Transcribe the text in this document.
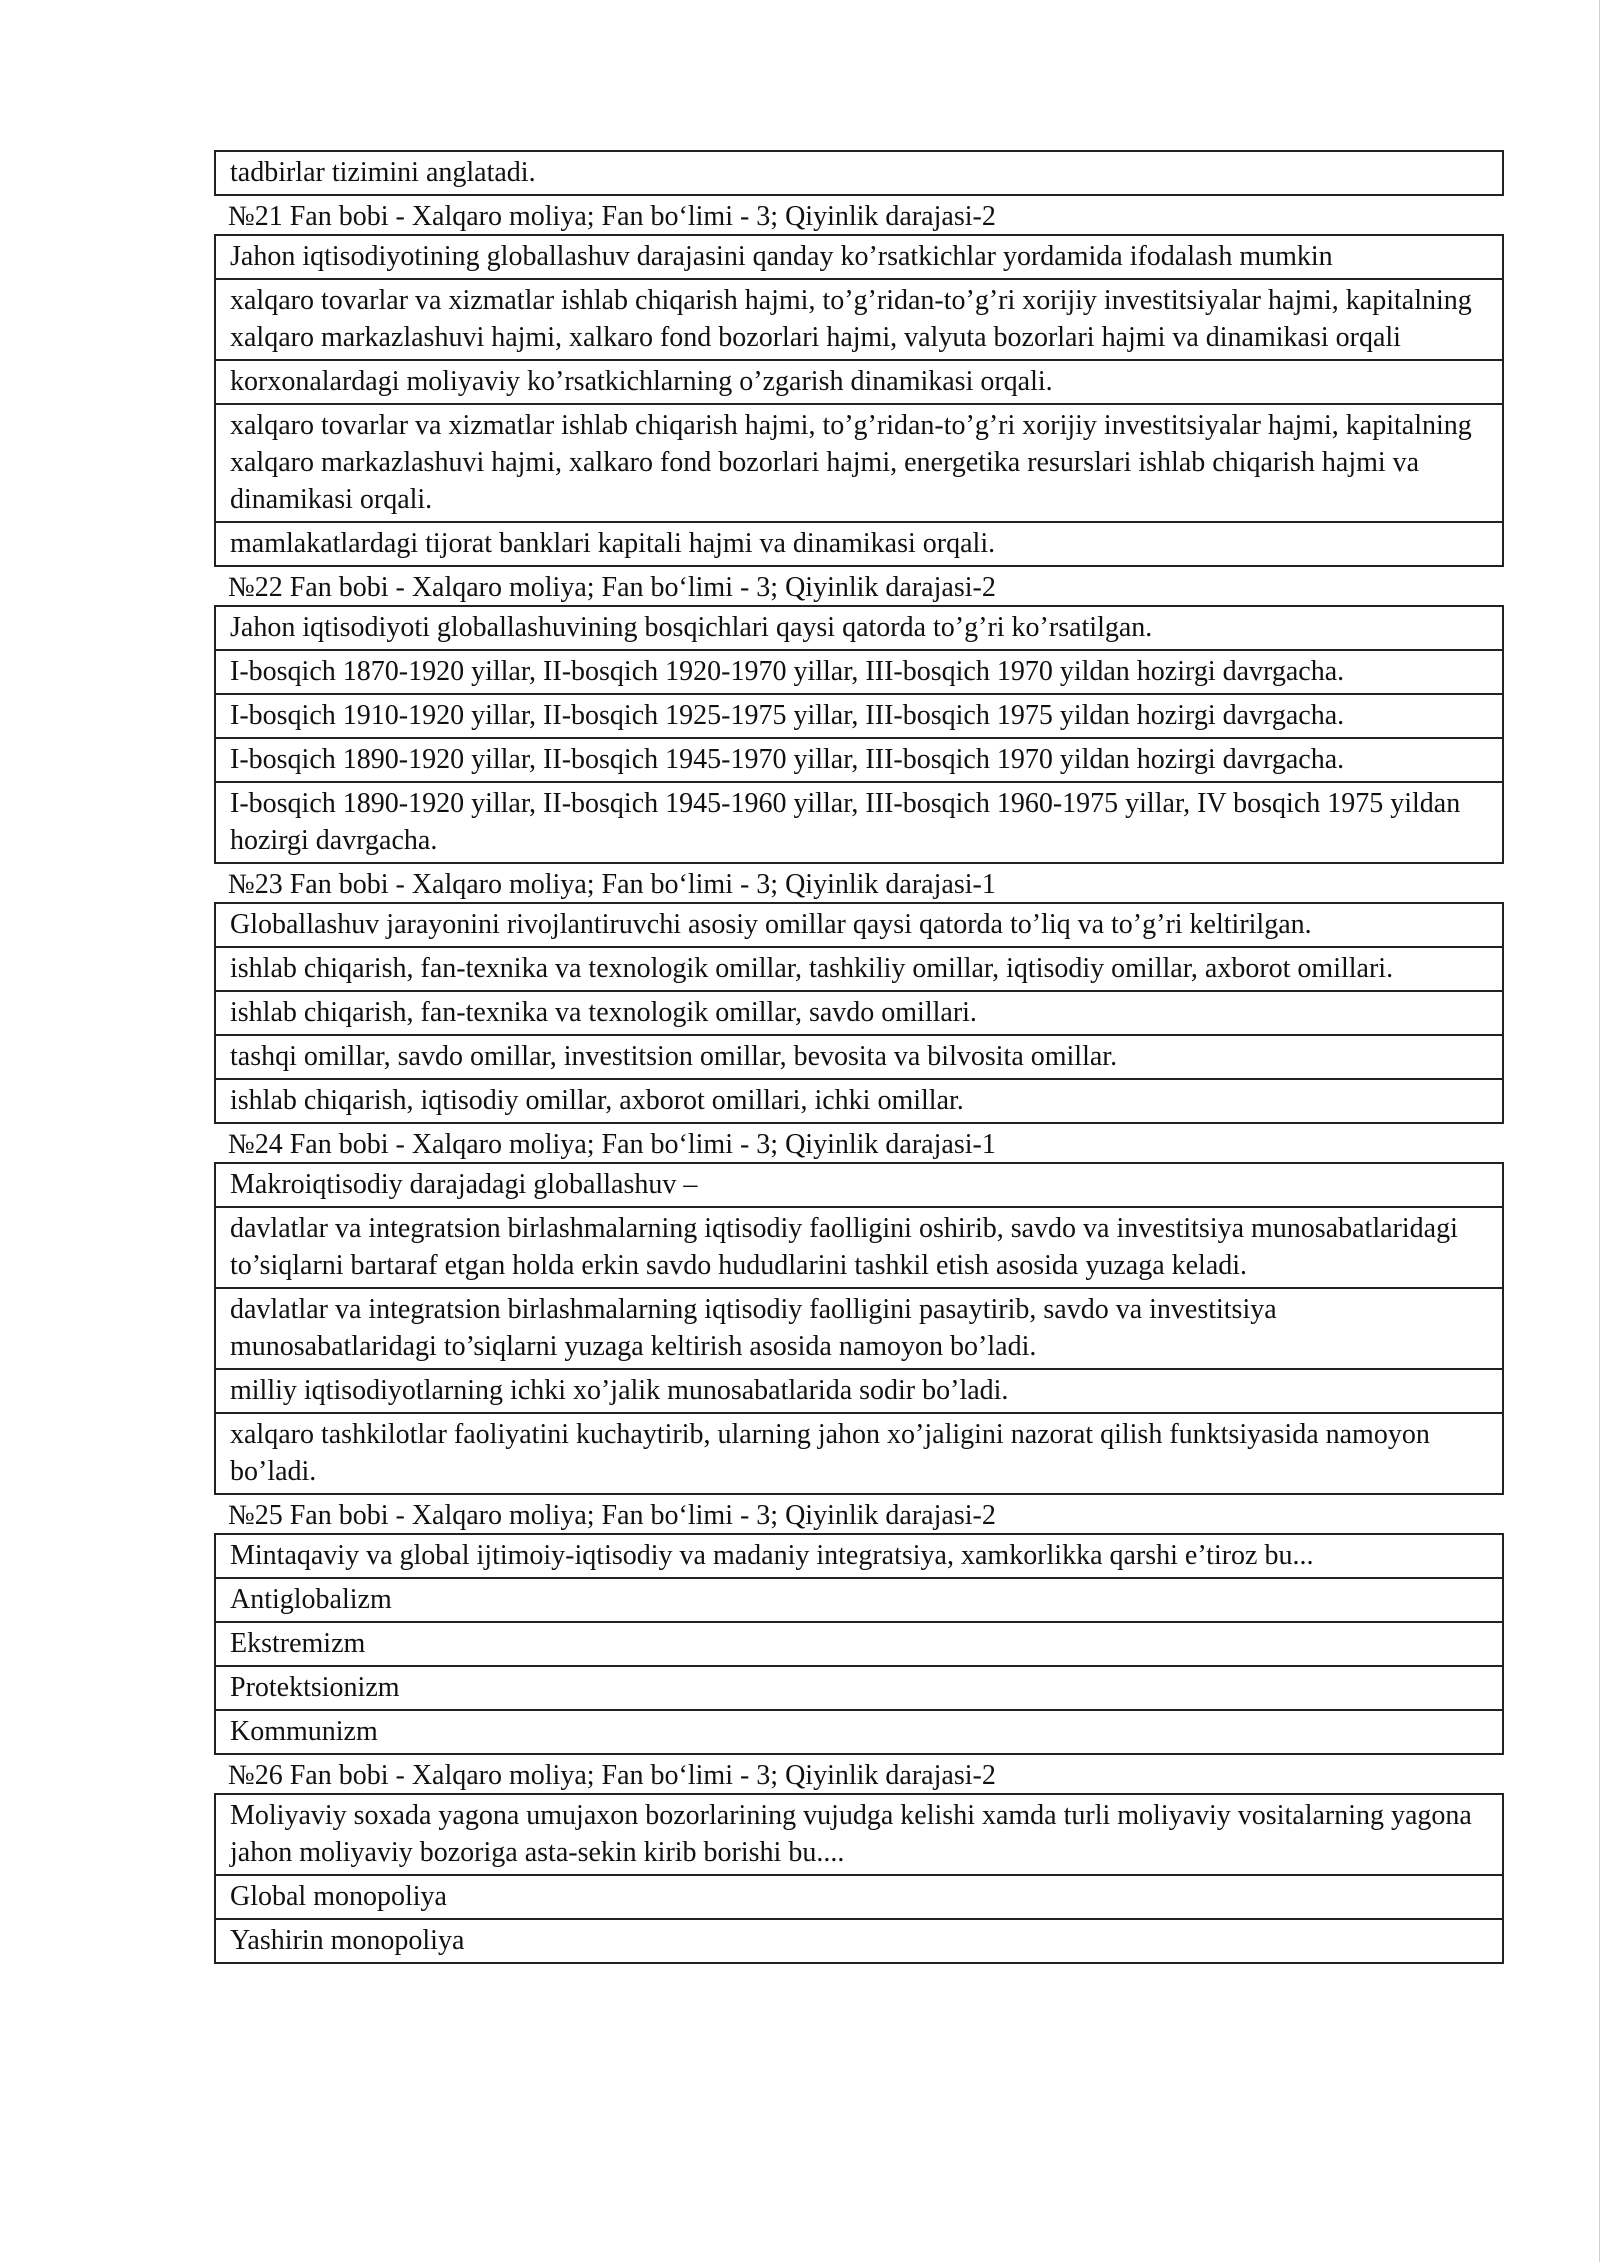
tadbirlar tizimini anglatadi.
№21 Fan bobi - Xalqaro moliya; Fan bo‘limi - 3; Qiyinlik darajasi-2
Jahon iqtisodiyotining globallashuv darajasini qanday ko’rsatkichlar yordamida ifodalash mumkin
xalqaro tovarlar va xizmatlar ishlab chiqarish hajmi, to’g’ridan-to’g’ri xorijiy investitsiyalar hajmi, kapitalning xalqaro markazlashuvi hajmi, xalkaro fond bozorlari hajmi, valyuta bozorlari hajmi va dinamikasi orqali
korxonalardagi moliyaviy ko’rsatkichlarning o’zgarish dinamikasi orqali.
xalqaro tovarlar va xizmatlar ishlab chiqarish hajmi, to’g’ridan-to’g’ri xorijiy investitsiyalar hajmi, kapitalning xalqaro markazlashuvi hajmi, xalkaro fond bozorlari hajmi, energetika resurslari ishlab chiqarish hajmi va dinamikasi orqali.
mamlakatlardagi tijorat banklari kapitali hajmi va dinamikasi orqali.
№22 Fan bobi - Xalqaro moliya; Fan bo‘limi - 3; Qiyinlik darajasi-2
Jahon iqtisodiyoti globallashuvining bosqichlari qaysi qatorda to’g’ri ko’rsatilgan.
I-bosqich 1870-1920 yillar, II-bosqich 1920-1970 yillar, III-bosqich 1970 yildan hozirgi davrgacha.
I-bosqich 1910-1920 yillar, II-bosqich 1925-1975 yillar, III-bosqich 1975 yildan hozirgi davrgacha.
I-bosqich 1890-1920 yillar, II-bosqich 1945-1970 yillar, III-bosqich 1970 yildan hozirgi davrgacha.
I-bosqich 1890-1920 yillar, II-bosqich 1945-1960 yillar, III-bosqich 1960-1975 yillar, IV bosqich 1975 yildan hozirgi davrgacha.
№23 Fan bobi - Xalqaro moliya; Fan bo‘limi - 3; Qiyinlik darajasi-1
Globallashuv jarayonini rivojlantiruvchi asosiy omillar qaysi qatorda to’liq va to’g’ri keltirilgan.
ishlab chiqarish, fan-texnika va texnologik omillar, tashkiliy omillar, iqtisodiy omillar, axborot omillari.
ishlab chiqarish, fan-texnika va texnologik omillar, savdo omillari.
tashqi omillar, savdo omillar, investitsion omillar, bevosita va bilvosita omillar.
ishlab chiqarish, iqtisodiy omillar, axborot omillari, ichki omillar.
№24 Fan bobi - Xalqaro moliya; Fan bo‘limi - 3; Qiyinlik darajasi-1
Makroiqtisodiy darajadagi globallashuv –
davlatlar va integratsion birlashmalarning iqtisodiy faolligini oshirib, savdo va investitsiya munosabatlaridagi to’siqlarni bartaraf etgan holda erkin savdo hududlarini tashkil etish asosida yuzaga keladi.
davlatlar va integratsion birlashmalarning iqtisodiy faolligini pasaytirib, savdo va investitsiya munosabatlaridagi to’siqlarni yuzaga keltirish asosida namoyon bo’ladi.
milliy iqtisodiyotlarning ichki xo’jalik munosabatlarida sodir bo’ladi.
xalqaro tashkilotlar faoliyatini kuchaytirib, ularning jahon xo’jaligini nazorat qilish funktsiyasida namoyon bo’ladi.
№25 Fan bobi - Xalqaro moliya; Fan bo‘limi - 3; Qiyinlik darajasi-2
Mintaqaviy va global ijtimoiy-iqtisodiy va madaniy integratsiya, xamkorlikka qarshi e’tiroz bu...
Antiglobalizm
Ekstremizm
Protektsionizm
Kommunizm
№26 Fan bobi - Xalqaro moliya; Fan bo‘limi - 3; Qiyinlik darajasi-2
Moliyaviy soxada yagona umujaxon bozorlarining vujudga kelishi xamda turli moliyaviy vositalarning yagona jahon moliyaviy bozoriga asta-sekin kirib borishi bu....
Global monopoliya
Yashirin monopoliya
